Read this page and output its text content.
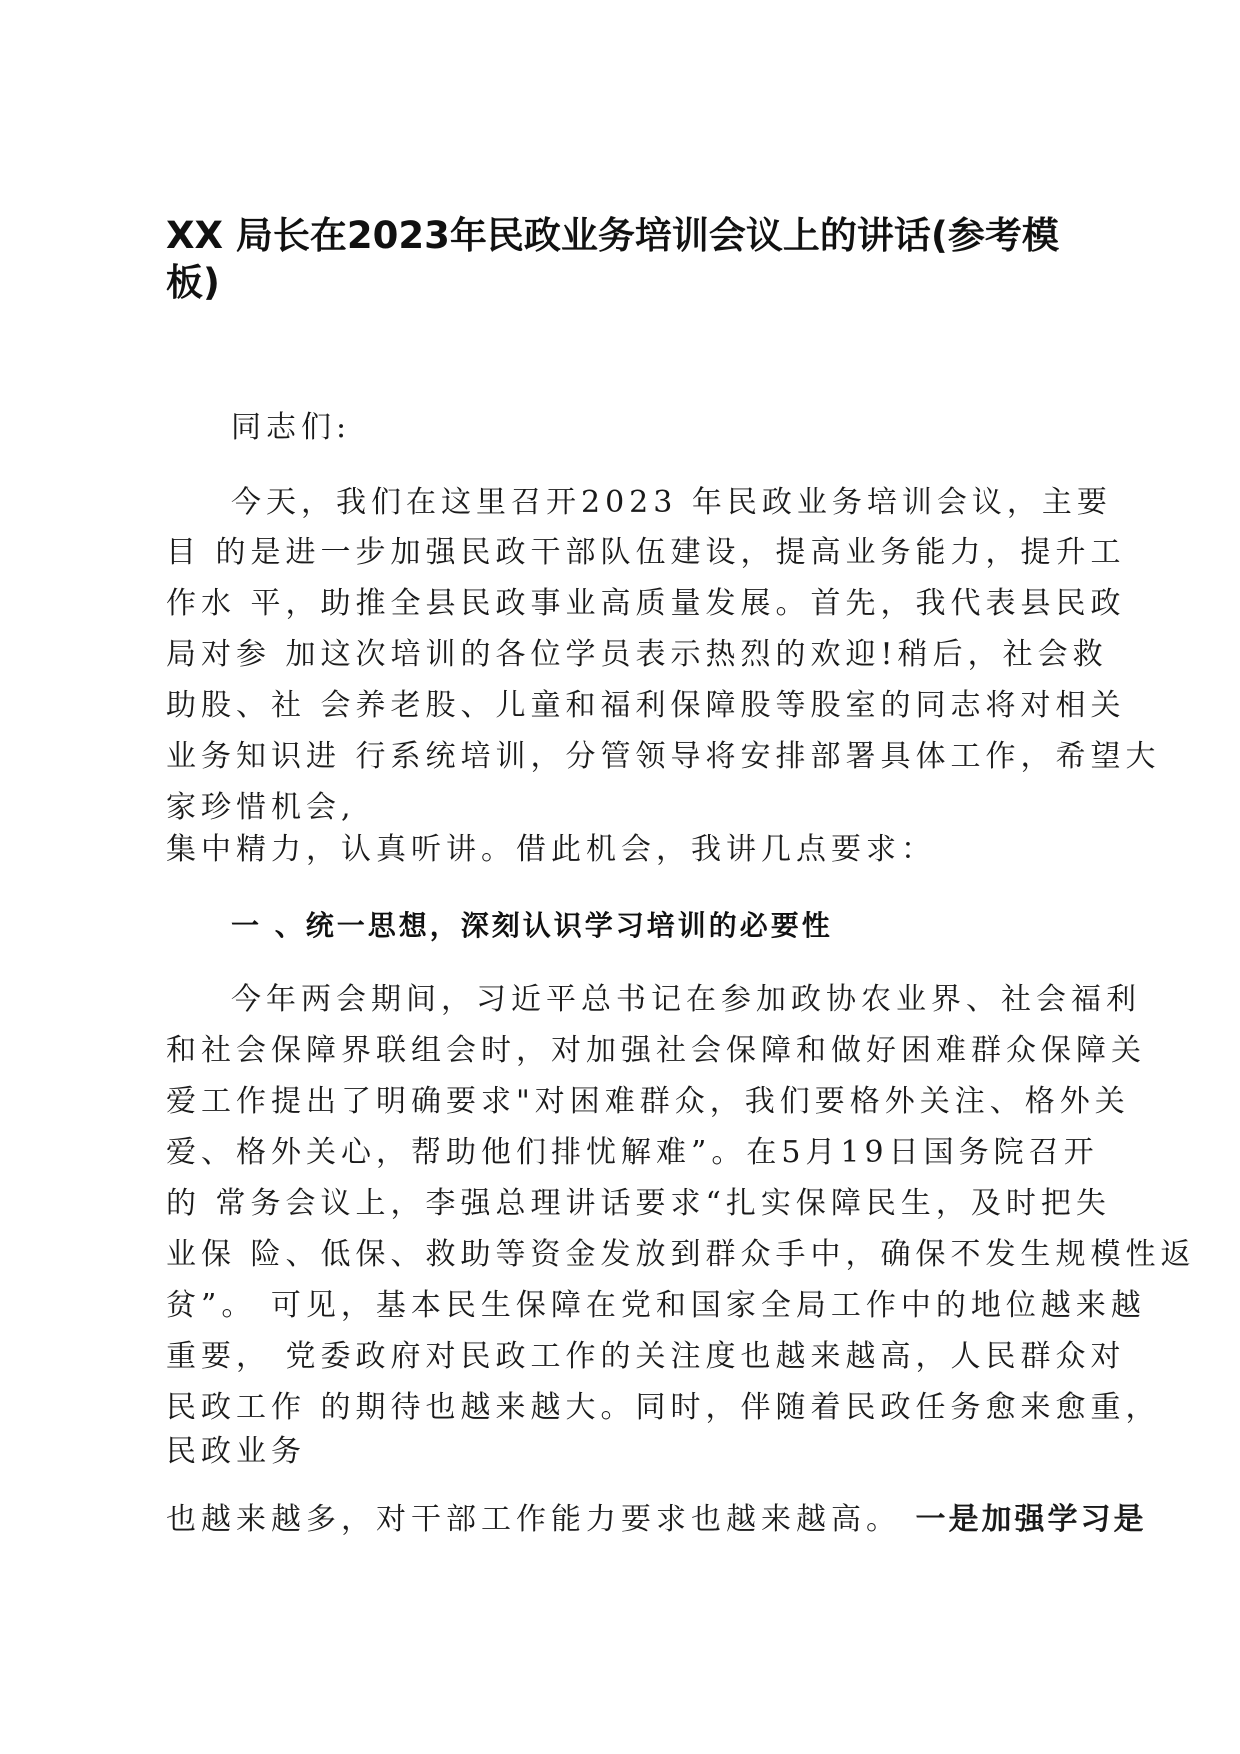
XX 局长在2023年民政业务培训会议上的讲话(参考模板)
同志们:
今天，我们在这里召开2023 年民政业务培训会议，主要
目 的是进一步加强民政干部队伍建设，提高业务能力，提升工
作水 平，助推全县民政事业高质量发展。首先，我代表县民政
局对参 加这次培训的各位学员表示热烈的欢迎!稍后，社会救
助股、社 会养老股、儿童和福利保障股等股室的同志将对相关
业务知识进 行系统培训，分管领导将安排部署具体工作，希望大
家珍惜机会,
集中精力，认真听讲。借此机会，我讲几点要求：
一 、统一思想，深刻认识学习培训的必要性
今年两会期间，习近平总书记在参加政协农业界、社会福利
和社会保障界联组会时，对加强社会保障和做好困难群众保障关
爱工作提出了明确要求"对困难群众，我们要格外关注、格外关
爱、格外关心，帮助他们排忧解难”。在5月19日国务院召开
的 常务会议上，李强总理讲话要求“扎实保障民生，及时把失
业保 险、低保、救助等资金发放到群众手中，确保不发生规模性返
贫”。 可见，基本民生保障在党和国家全局工作中的地位越来越
重要， 党委政府对民政工作的关注度也越来越高，人民群众对
民政工作 的期待也越来越大。同时，伴随着民政任务愈来愈重，
民政业务
也越来越多，对干部工作能力要求也越来越高。 一是加强学习是
